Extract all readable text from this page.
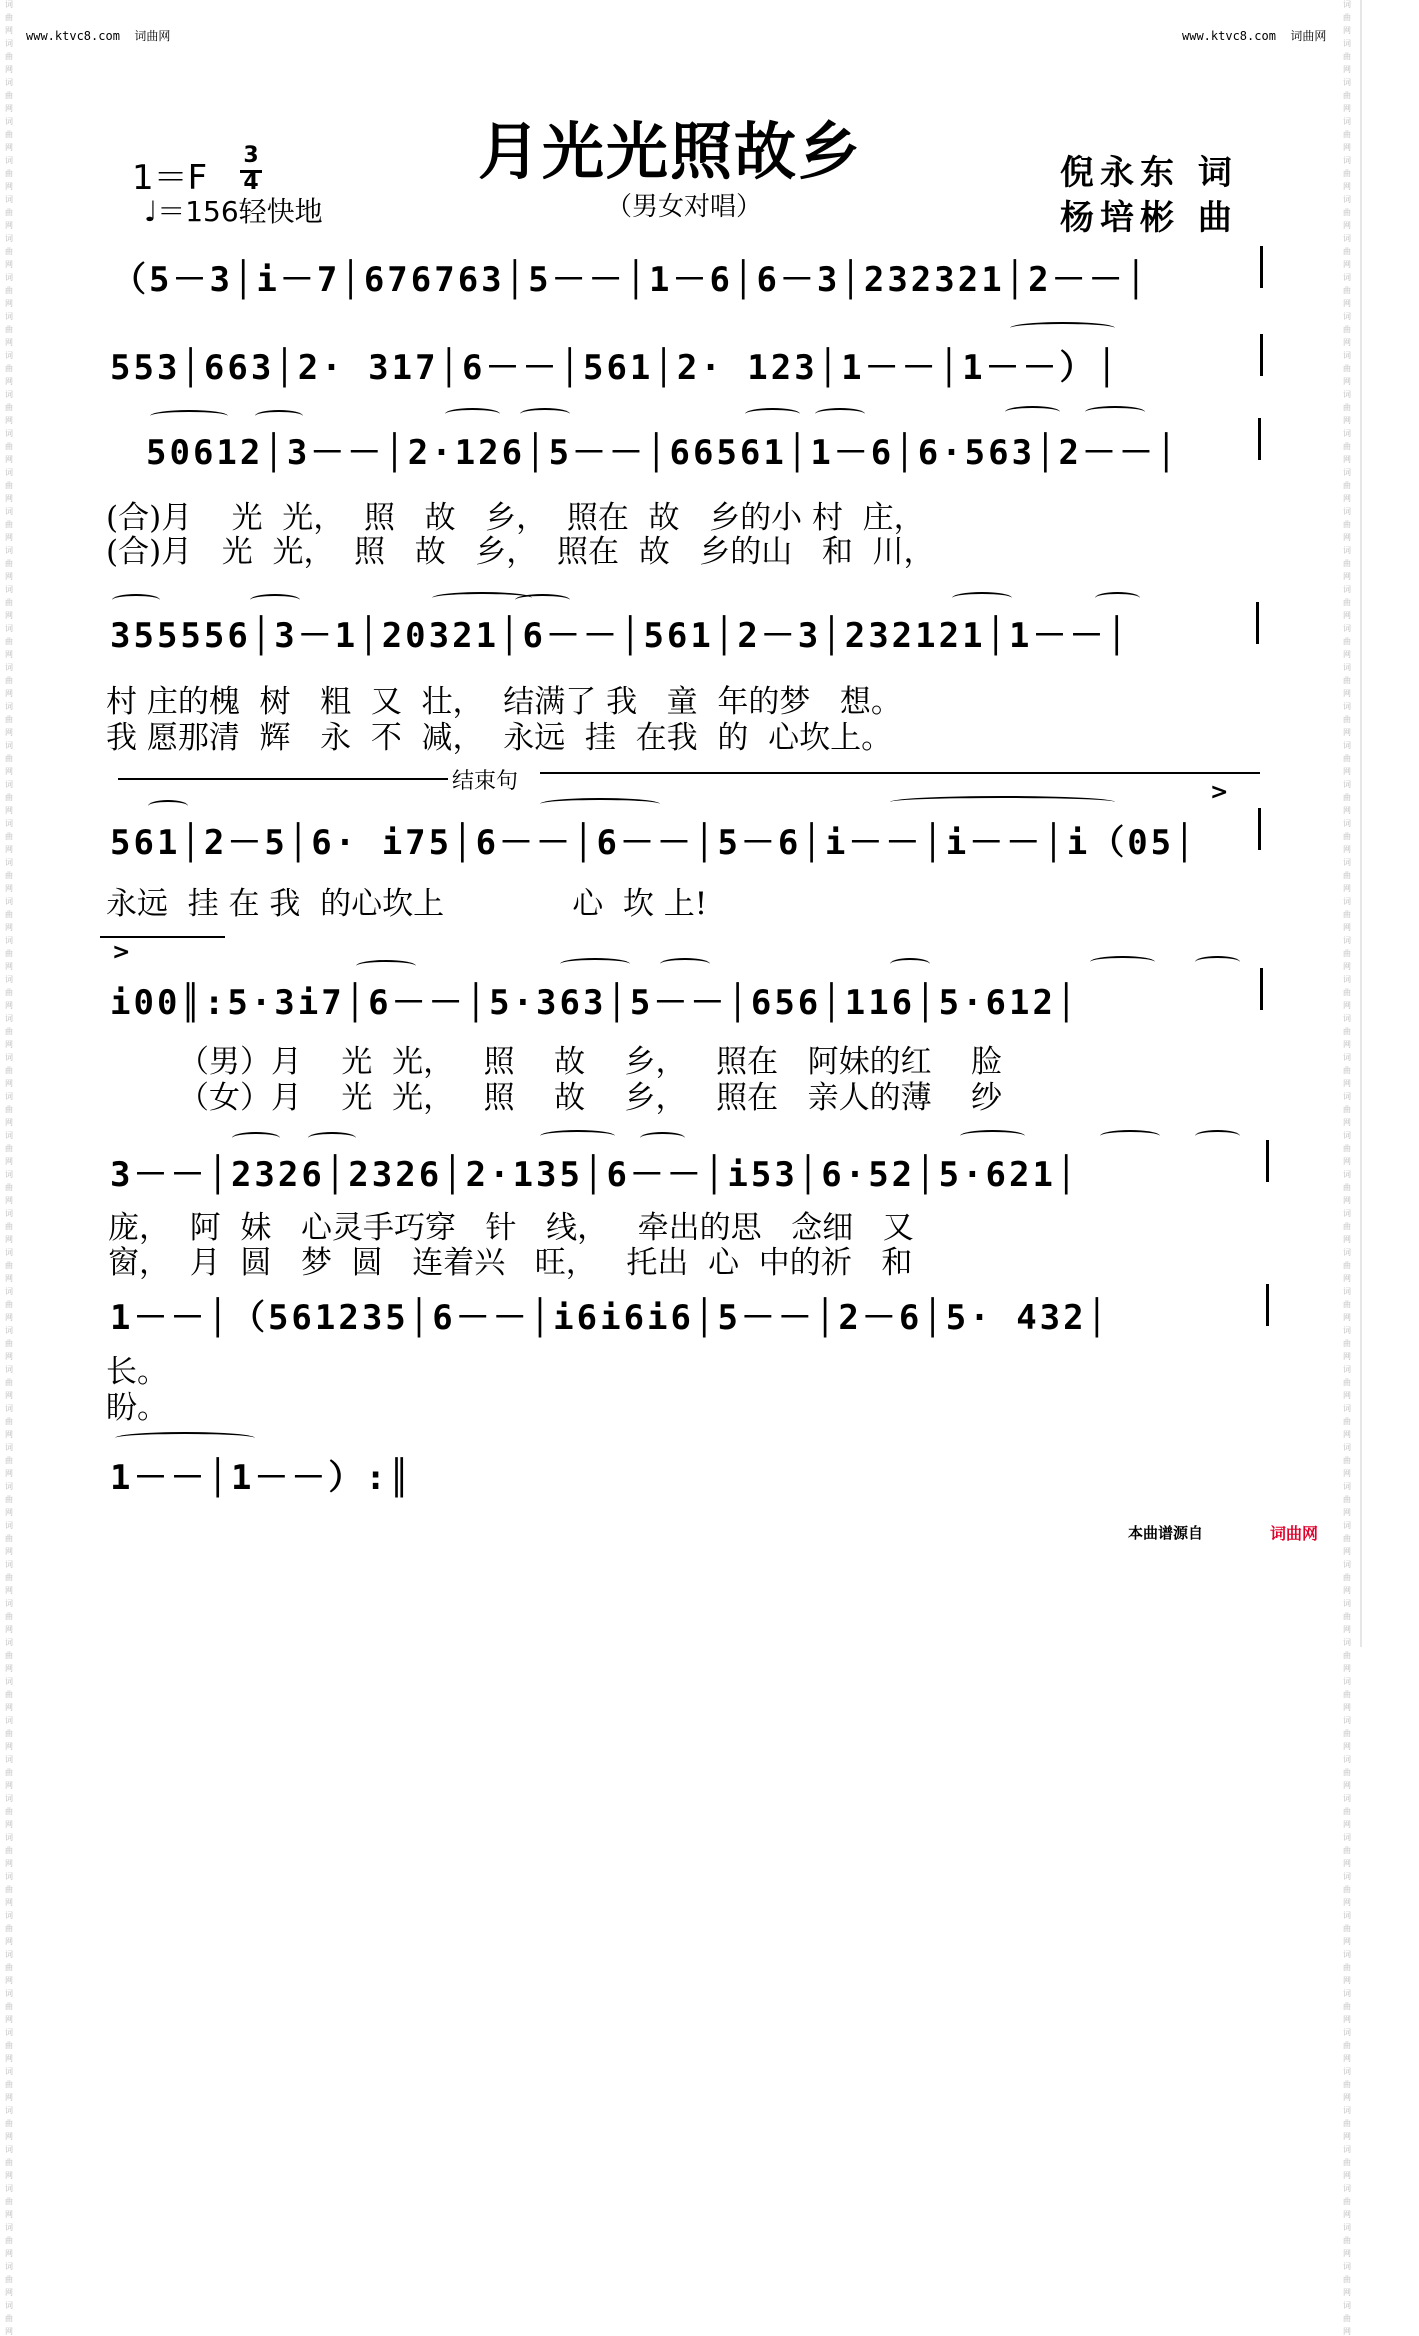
词
曲
网
词
曲
网
词
曲
网
词
曲
网
词
曲
网
词
曲
网
词
曲
网
词
曲
网
词
曲
网
词
曲
网
词
曲
网
词
曲
网
词
曲
网
词
曲
网
词
曲
网
词
曲
网
词
曲
网
词
曲
网
词
曲
网
词
曲
网
词
曲
网
词
曲
网
词
曲
网
词
曲
网
词
曲
网
词
曲
网
词
曲
网
词
曲
网
词
曲
网
词
曲
网
词
曲
网
词
曲
网
词
曲
网
词
曲
网
词
曲
网
词
曲
网
词
曲
网
词
曲
网
词
曲
网
词
曲
网
词
曲
网
词
曲
网
词
曲
网
词
曲
网
词
曲
网
词
曲
网
词
曲
网
词
曲
网
词
曲
网
词
曲
网
词
曲
网
词
曲
网
词
曲
网
词
曲
网
词
曲
网
词
曲
网
词
曲
网
词
曲
网
词
曲
网
词
曲
网
词
曲
网
词
曲
网
词
曲
网
词
曲
网
词
曲
网
词
曲
网
词
曲
网
词
曲
网
词
曲
网
词
曲
网
词
曲
网
词
曲
网
词
曲
网
词
曲
网
词
曲
网
词
曲
网
词
曲
网
词
曲
网
词
曲
网
词
曲
网
词
曲
网
词
曲
网
词
曲
网
词
曲
网
词
曲
网
词
曲
网
词
曲
网
词
曲
网
词
曲
网
词
曲
网
词
曲
网
词
曲
网
词
曲
网
词
曲
网
词
曲
网
词
曲
网
词
曲
网
词
曲
网
词
曲
网
词
曲
网
词
曲
网
词
曲
网
词
曲
网
词
曲
网
词
曲
网
词
曲
网
词
曲
网
词
曲
网
词
曲
网
词
曲
网
词
曲
网
词
曲
网
词
曲
网
词
曲
网
词
曲
网
词
曲
网
词
曲
网
词
曲
网
词
曲
网
词
曲
网
www.ktvc8.com  词曲网	www.ktvc8.com  词曲网
月光光照故乡
（男女对唱）
1＝F
3
4
♩＝156轻快地
倪永东 词
杨培彬 曲
（5－3│i－7│676763│5－－│1－6│6－3│232321│2－－│
553│663│2· 317│6－－│561│2· 123│1－－│1－－）│
50612│3－－│2·126│5－－│66561│1－6│6·563│2－－│
(合)月    光  光，  照   故   乡，  照在  故   乡的小 村  庄，
(合)月   光  光，  照   故   乡，  照在  故   乡的山   和  川，
355556│3－1│20321│6－－│561│2－3│232121│1－－│
村 庄的槐  树   粗  又  壮，  结满了 我   童  年的梦   想。
我 愿那清  辉   永  不  减，  永远  挂  在我  的  心坎上。
结束句	>
561│2－5│6· i75│6－－│6－－│5－6│i－－│i－－│i（05│
永远  挂 在 我  的心坎上             心  坎 上!
>
i00║:5·3i7│6－－│5·363│5－－│656│116│5·612│
（男）月    光  光，   照    故    乡，   照在   阿妹的红    脸
（女）月    光  光，   照    故    乡，   照在   亲人的薄    纱
3－－│2326│2326│2·135│6－－│i53│6·52│5·621│
庞，  阿  妹   心灵手巧穿   针   线，   牵出的思   念细   又
窗，  月  圆   梦  圆   连着兴   旺，   托出  心  中的祈   和
1－－│（561235│6－－│i6i6i6│5－－│2－6│5· 432│
长。
盼。
1－－│1－－）:║
本曲谱源自	词曲网
